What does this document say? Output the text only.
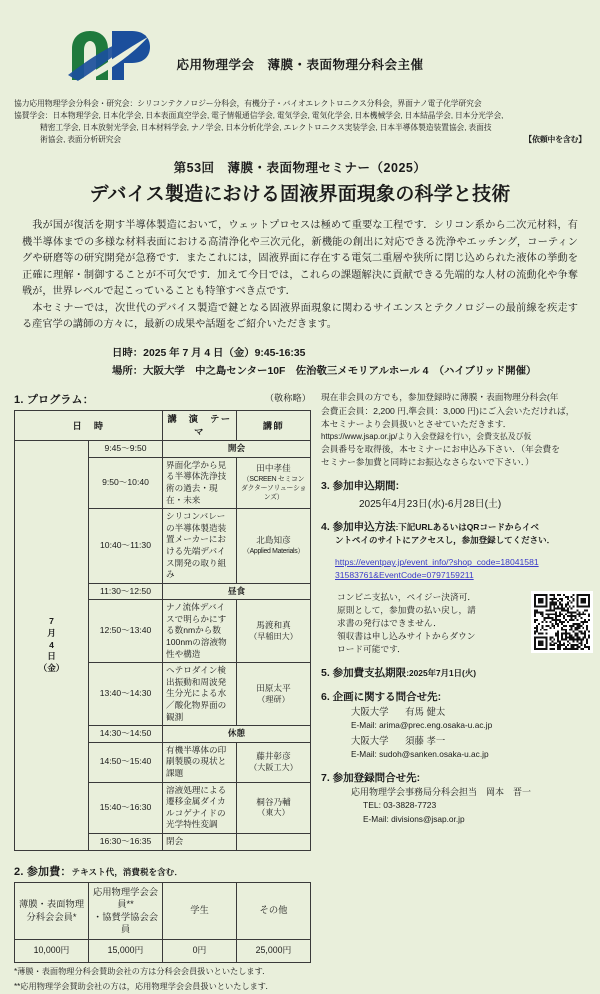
応用物理学会　薄膜・表面物理分科会主催
協力応用物理学会分科会・研究会：シリコンテクノロジー分科会，有機分子・バイオエレクトロニクス分科会，界面ナノ電子化学研究会
協賛学会：日本物理学会, 日本化学会, 日本表面真空学会, 電子情報通信学会, 電気学会, 電気化学会, 日本機械学会, 日本結晶学会, 日本分光学会,
精密工学会, 日本放射光学会, 日本材料学会, ナノ学会, 日本分析化学会, エレクトロニクス実装学会, 日本半導体製造装置協会, 表面技
【依頼中を含む】
術協会, 表面分析研究会
第53回　薄膜・表面物理セミナー（2025）
デバイス製造における固液界面現象の科学と技術

我が国が復活を期す半導体製造において，ウェットプロセスは極めて重要な工程です．シリコン系から二次元材料，有機半導体までの多様な材料表面における高清浄化や三次元化，新機能の創出に対応できる洗浄やエッチング，コーティングや研磨等の研究開発が急務です．またこれには，固液界面に存在する電気二重層や狭所に閉じ込められた液体の挙動を正確に理解・制御することが不可欠です．加えて今日では，これらの課題解決に貢献できる先端的な人材の流動化や争奪戦が，世界レベルで起こっていることも特筆すべき点です．

本セミナーでは，次世代のデバイス製造で鍵となる固液界面現象に関わるサイエンスとテクノロジーの最前線を疾走する産官学の講師の方々に，最新の成果や話題をご紹介いただきます。

日時：2025 年 7 月 4 日（金）9:45-16:35
場所：大阪大学　中之島センター10F　佐治敬三メモリアルホール 4　（ハイブリッド開催）
（敬称略）
1. プログラム：
日　時		講　演　テーマ	講師

7
月
4
日
（金）	9:45～9:50	開会	
	9:50～10:40	界面化学から見る半導体洗浄技術の過去・現在・未来	田中孝佳
（SCREEN セミコンダクターソリューションズ）

	10:40～11:30	シリコンバレーの半導体製造装置メーカーにおける先端デバイス開発の取り組み	北島知彦
（Applied Materials）

	11:30～12:50	昼食	
	12:50～13:40	ナノ流体デバイスで明らかにする数nmから数100nmの溶液物性や構造	馬渡和真
（早稲田大）

	13:40～14:30	ヘテロダイン検出振動和周波発生分光による水／酸化物界面の観測	田原太平
（理研）

	14:30～14:50	休憩	
	14:50～15:40	有機半導体の印刷製膜の現状と課題	藤井彰彦
（大阪工大）

	15:40～16:30	溶液処理による遷移金属ダイカルコゲナイドの光学特性変調	桐谷乃輔
（東大）

	16:30～16:35	閉会	
2. 参加費：テキスト代，消費税を含む．
薄膜・表面物理
分科会会員*

応用物理学会会員**
・協賛学協会会員

学生	その他

10,000円	15,000円	0円	25,000円
*薄膜・表面物理分科会賛助会社の方は分科会会員扱いといたします．
**応用物理学会賛助会社の方は，応用物理学会会員扱いといたします．
現在非会員の方でも，参加登録時に薄膜・表面物理分科会(年
会費正会員：2,200 円,準会員：3,000 円)にご入会いただければ，
本セミナーより会員扱いとさせていただきます．
https://www.jsap.or.jp/より入会登録を行い，会費支払及び仮
会員番号を取得後，本セミナーにお申込み下さい．（年会費を
セミナー参加費と同時にお振込なさらないで下さい．）
3. 参加申込期間:
2025年4月23日(水)-6月28日(土)
4. 参加申込方法:下記URLあるいはQRコードからイベ
ントペイのサイトにアクセスし，参加登録してください．
https://eventpay.jp/event_info/?shop_code=18041581
31583761&EventCode=0797159211
コンビニ支払い，ペイジー決済可．
原則として，参加費の払い戻し，請
求書の発行はできません．
領収書は申し込みサイトからダウン
ロード可能です．
5. 参加費支払期限:2025年7月1日(火)
6. 企画に関する問合せ先:
大阪大学 有馬 健太
E-Mail: arima@prec.eng.osaka-u.ac.jp
大阪大学 須藤 孝一
E-Mail: sudoh@sanken.osaka-u.ac.jp
7. 参加登録問合せ先:
応用物理学会事務局分科会担当　岡本　晋一
TEL: 03-3828-7723
E-Mail: divisions@jsap.or.jp
